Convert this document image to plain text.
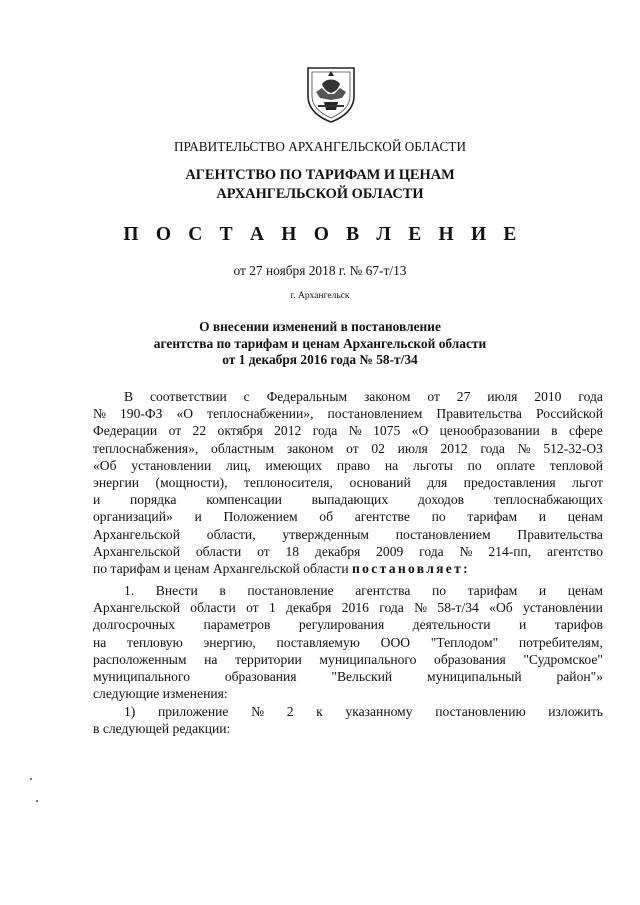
ПРАВИТЕЛЬСТВО АРХАНГЕЛЬСКОЙ ОБЛАСТИ
АГЕНТСТВО ПО ТАРИФАМ И ЦЕНАМ
АРХАНГЕЛЬСКОЙ ОБЛАСТИ
П О С Т А Н О В Л Е Н И Е
от 27 ноября 2018 г. № 67-т/13
г. Архангельск
О внесении изменений в постановление
агентства по тарифам и ценам Архангельской области
от 1 декабря 2016 года № 58-т/34
В соответствии с Федеральным законом от 27 июля 2010 года
№ 190-ФЗ «О теплоснабжении», постановлением Правительства Российской
Федерации от 22 октября 2012 года № 1075 «О ценообразовании в сфере
теплоснабжения», областным законом от 02 июля 2012 года № 512-32-ОЗ
«Об установлении лиц, имеющих право на льготы по оплате тепловой
энергии (мощности), теплоносителя, оснований для предоставления льгот
и порядка компенсации выпадающих доходов теплоснабжающих
организаций» и Положением об агентстве по тарифам и ценам
Архангельской области, утвержденным постановлением Правительства
Архангельской области от 18 декабря 2009 года № 214-пп, агентство
по тарифам и ценам Архангельской области постановляет:
1. Внести в постановление агентства по тарифам и ценам
Архангельской области от 1 декабря 2016 года № 58-т/34 «Об установлении
долгосрочных параметров регулирования деятельности и тарифов
на тепловую энергию, поставляемую ООО "Теплодом" потребителям,
расположенным на территории муниципального образования "Судромское"
муниципального	образования	"Вельский	муниципальный	район"»
следующие изменения:
1) приложение № 2 к указанному постановлению изложить
в следующей редакции:
